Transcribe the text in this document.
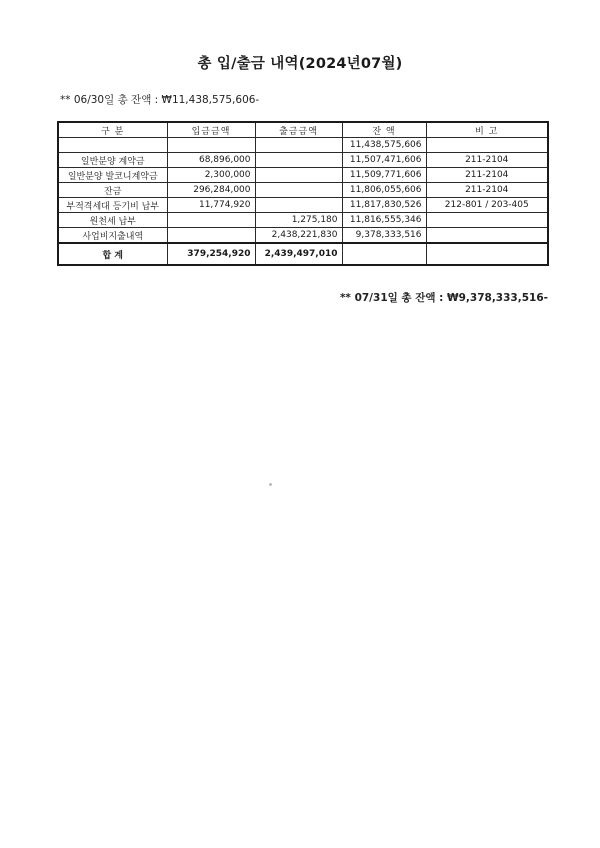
총 입/출금 내역(2024년07월)
** 06/30일 총 잔액 : ₩11,438,575,606-
구 분	입금금액	출금금액	잔 액	비 고
			11,438,575,606	
일반분양 계약금	68,896,000		11,507,471,606	211-2104
일반분양 발코니계약금	2,300,000		11,509,771,606	211-2104
잔금	296,284,000		11,806,055,606	211-2104
부적격세대 등기비 납부	11,774,920		11,817,830,526	212-801 / 203-405
원천세 납부		1,275,180	11,816,555,346	
사업비지출내역		2,438,221,830	9,378,333,516	
합 계	379,254,920	2,439,497,010		
** 07/31일 총 잔액 : ₩9,378,333,516-
